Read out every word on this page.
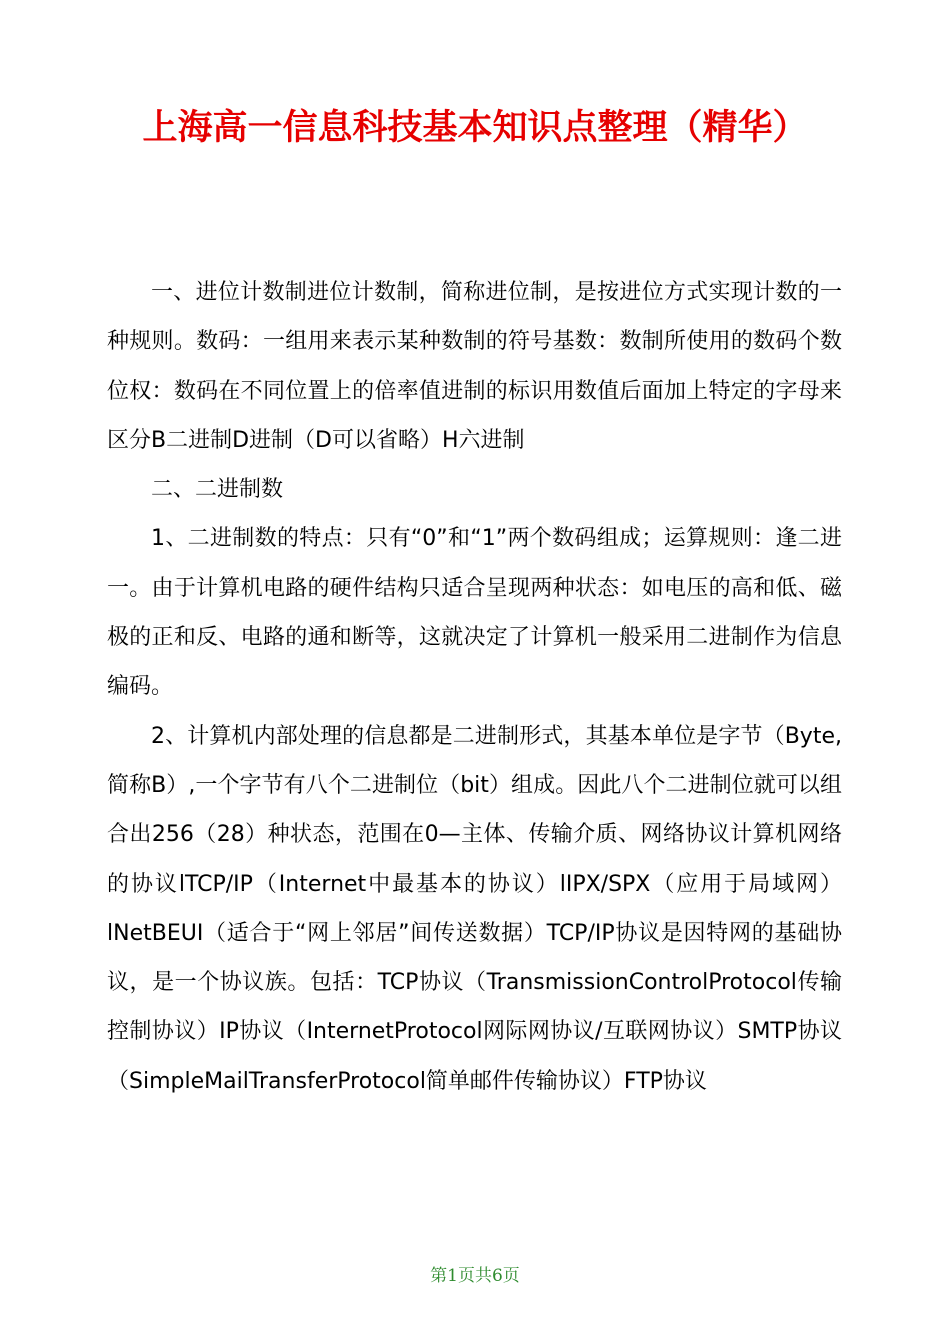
上海高一信息科技基本知识点整理（精华）

一、进位计数制进位计数制，简称进位制，是按进位方式实现计数的一种规则。数码：一组用来表示某种数制的符号基数：数制所使用的数码个数位权：数码在不同位置上的倍率值进制的标识用数值后面加上特定的字母来区分B二进制D进制（D可以省略）H六进制

二、二进制数

1、二进制数的特点：只有“0”和“1”两个数码组成；运算规则：逢二进一。由于计算机电路的硬件结构只适合呈现两种状态：如电压的高和低、磁极的正和反、电路的通和断等，这就决定了计算机一般采用二进制作为信息编码。

2、计算机内部处理的信息都是二进制形式，其基本单位是字节（Byte,简称B）,一个字节有八个二进制位（bit）组成。因此八个二进制位就可以组合出256（28）种状态，范围在0—主体、传输介质、网络协议计算机网络的协议lTCP/IP（Internet中最基本的协议）lIPX/SPX（应用于局域网）lNetBEUI（适合于“网上邻居”间传送数据）TCP/IP协议是因特网的基础协议，是一个协议族。包括：TCP协议（TransmissionControlProtocol传输控制协议）IP协议（InternetProtocol网际网协议/互联网协议）SMTP协议（SimpleMailTransferProtocol简单邮件传输协议）FTP协议

第1页共6页
